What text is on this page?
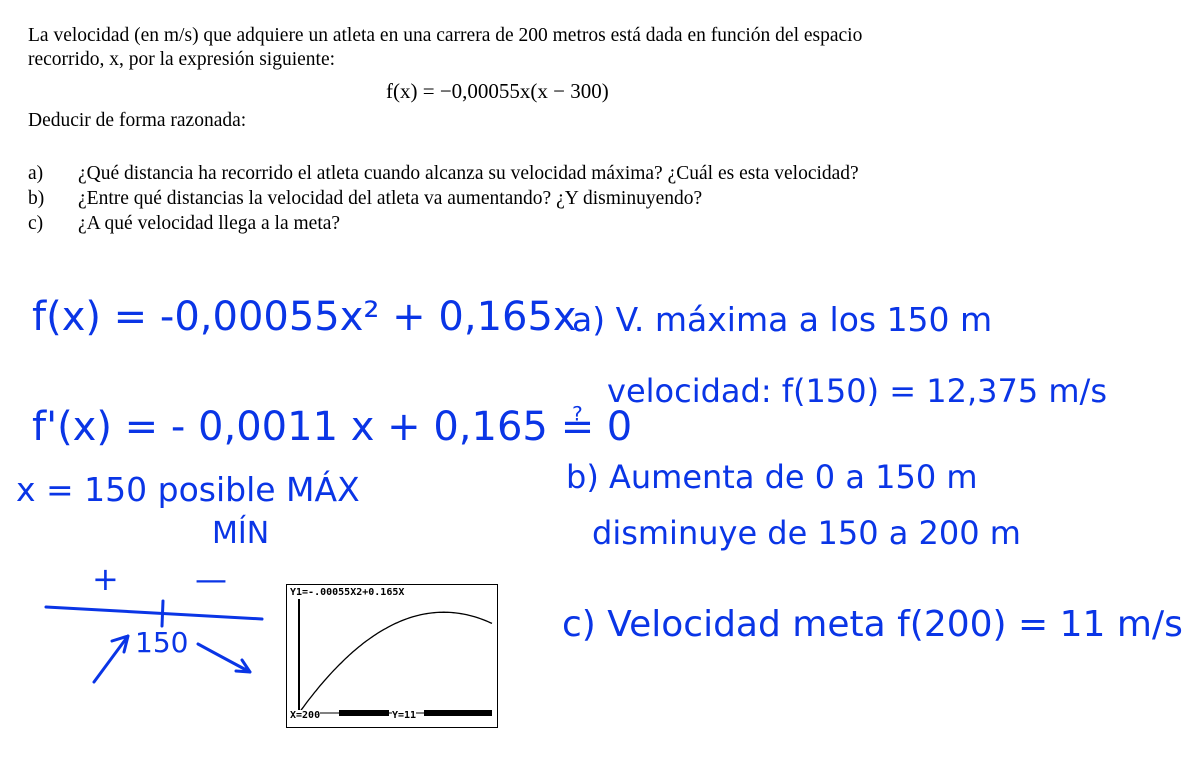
La velocidad (en m/s) que adquiere un atleta en una carrera de 200 metros está dada en función del espacio

recorrido, x, por la expresión siguiente:

f(x) = −0,00055x(x − 300)
Deducir de forma razonada:
a) ¿Qué distancia ha recorrido el atleta cuando alcanza su velocidad máxima? ¿Cuál es esta velocidad?
b) ¿Entre qué distancias la velocidad del atleta va aumentando? ¿Y disminuyendo?
c) ¿A qué velocidad llega a la meta?
f(x) = -0,00055x² + 0,165x
f'(x) = - 0,0011 x + 0,165 ≟ 0
x = 150 posible MÁX
MÍN
+ —
150
a) V. máxima a los 150 m
velocidad: f(150) = 12,375 m/s
b) Aumenta de 0 a 150 m
disminuye de 150 a 200 m
c) Velocidad meta f(200) = 11 m/s
Y1=-.00055X2+0.165X
X=200	Y=11
